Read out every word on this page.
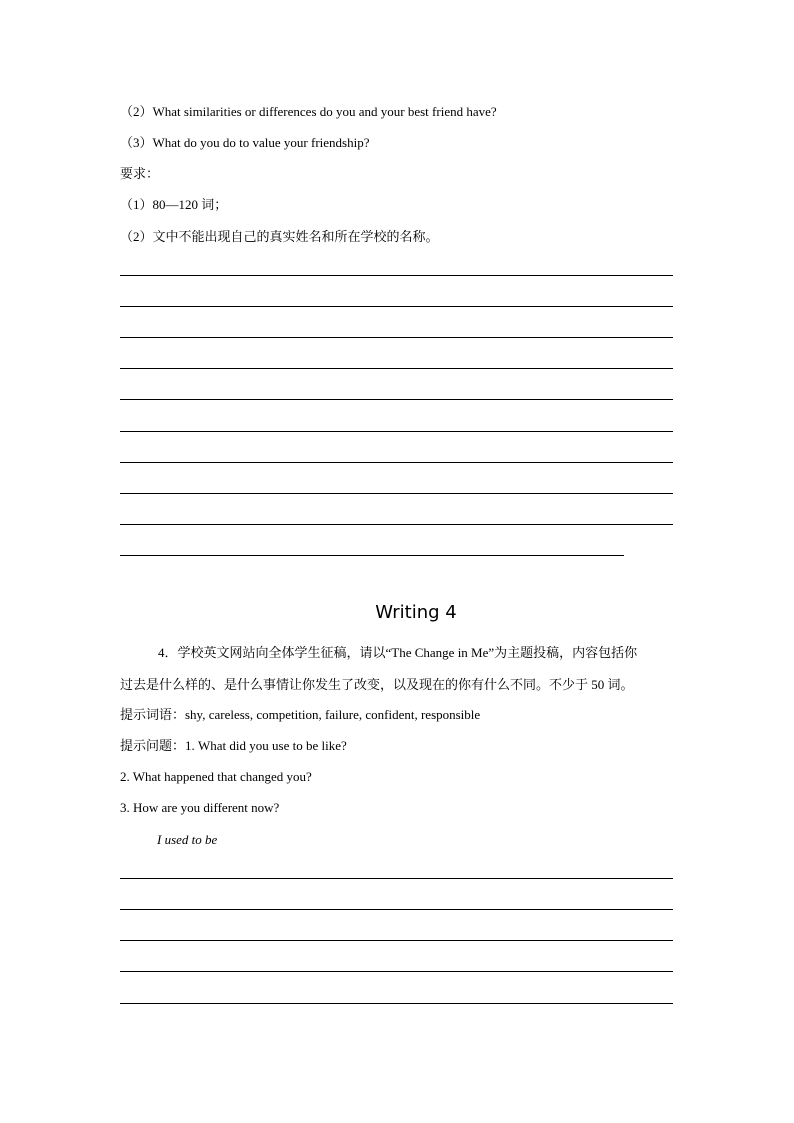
（2）What similarities or differences do you and your best friend have?
（3）What do you do to value your friendship?
要求：
（1）80—120 词；
（2）文中不能出现自己的真实姓名和所在学校的名称。
Writing 4
4．学校英文网站向全体学生征稿，请以“The Change in Me”为主题投稿，内容包括你
过去是什么样的、是什么事情让你发生了改变，以及现在的你有什么不同。不少于 50 词。
提示词语：shy, careless, competition, failure, confident, responsible
提示问题：1. What did you use to be like?
2. What happened that changed you?
3. How are you different now?
I used to be
